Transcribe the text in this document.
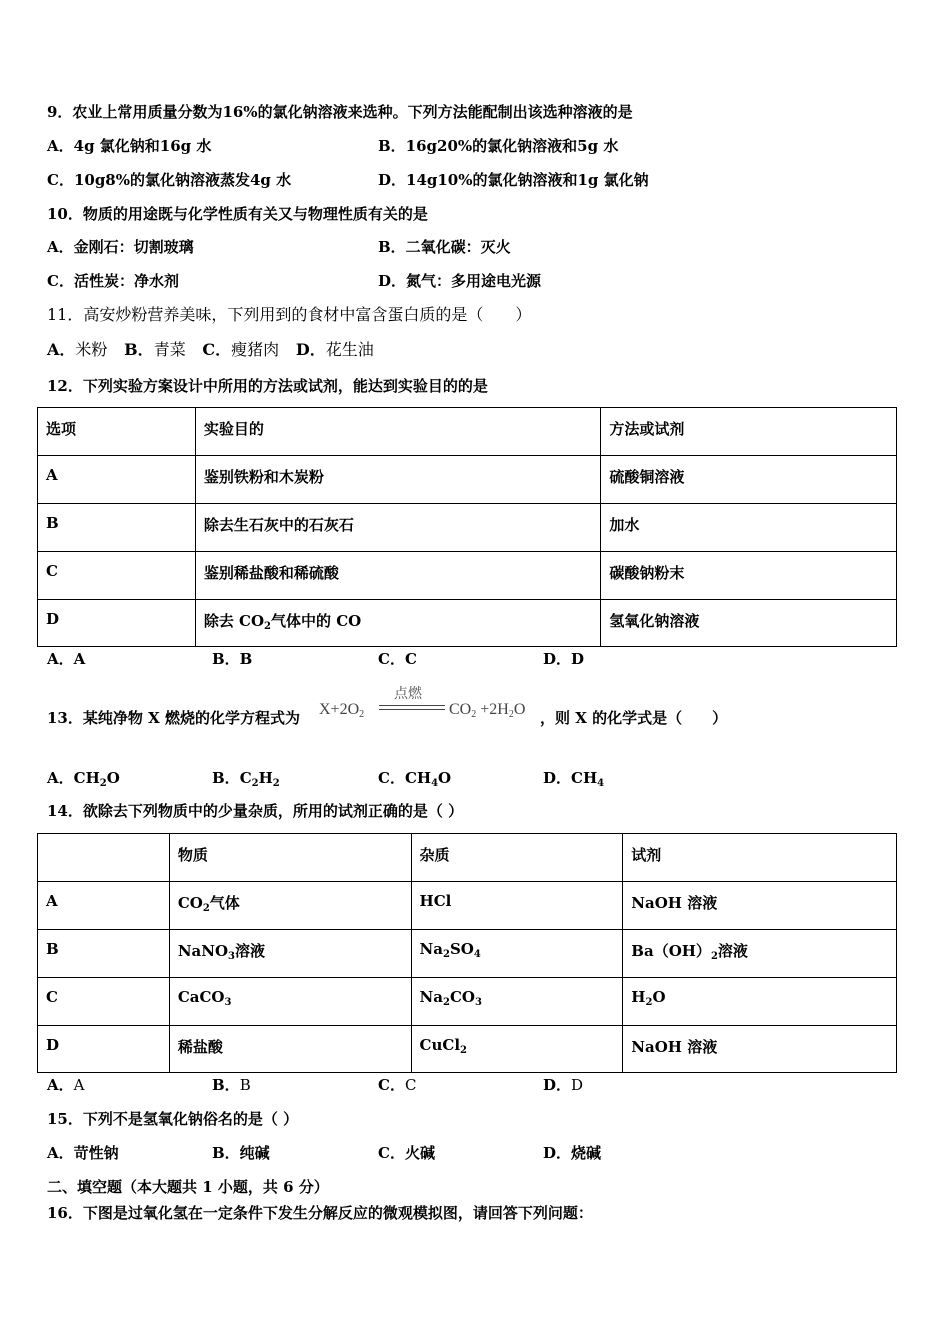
9．农业上常用质量分数为16%的氯化钠溶液来选种。下列方法能配制出该选种溶液的是
A．4g 氯化钠和16g 水	B．16g20%的氯化钠溶液和5g 水
C．10g8%的氯化钠溶液蒸发4g 水	D．14g10%的氯化钠溶液和1g 氯化钠
10．物质的用途既与化学性质有关又与物理性质有关的是
A．金刚石：切割玻璃	B．二氧化碳：灭火
C．活性炭：净水剂	D．氮气：多用途电光源
11．高安炒粉营养美味，下列用到的食材中富含蛋白质的是（　　）
A．米粉 B．青菜 C．瘦猪肉 D．花生油
12．下列实验方案设计中所用的方法或试剂，能达到实验目的的是
选项	实验目的	方法或试剂
A	鉴别铁粉和木炭粉	硫酸铜溶液
B	除去生石灰中的石灰石	加水
C	鉴别稀盐酸和稀硫酸	碳酸钠粉末
D	除去 $CO_2$气体中的 CO	氢氧化钠溶液
A．A	B．B	C．C	D．D
13．某纯净物 X 燃烧的化学方程式为 $X+2O_2$
点燃
$CO_2 +2H_2O$ ，则 X 的化学式是（　　）
A．$CH_2O$	B．$C_2H_2$	C．$CH_4O$	D．$CH_4$
14．欲除去下列物质中的少量杂质，所用的试剂正确的是（ ）
	物质	杂质	试剂
A	$CO_2$气体	HCl	NaOH 溶液
B	NaNO$_3$溶液	$Na_2SO_4$	$Ba(OH)_2$溶液
C	CaCO$_3$	$Na_2CO_3$	$H_2O$
D	稀盐酸	CuCl$_2$	NaOH 溶液
A．A	B．B	C．C	D．D
15．下列不是氢氧化钠俗名的是（ ）
A．苛性钠	B．纯碱	C．火碱	D．烧碱
二、填空题（本大题共 1 小题，共 6 分）
16．下图是过氧化氢在一定条件下发生分解反应的微观模拟图，请回答下列问题：
